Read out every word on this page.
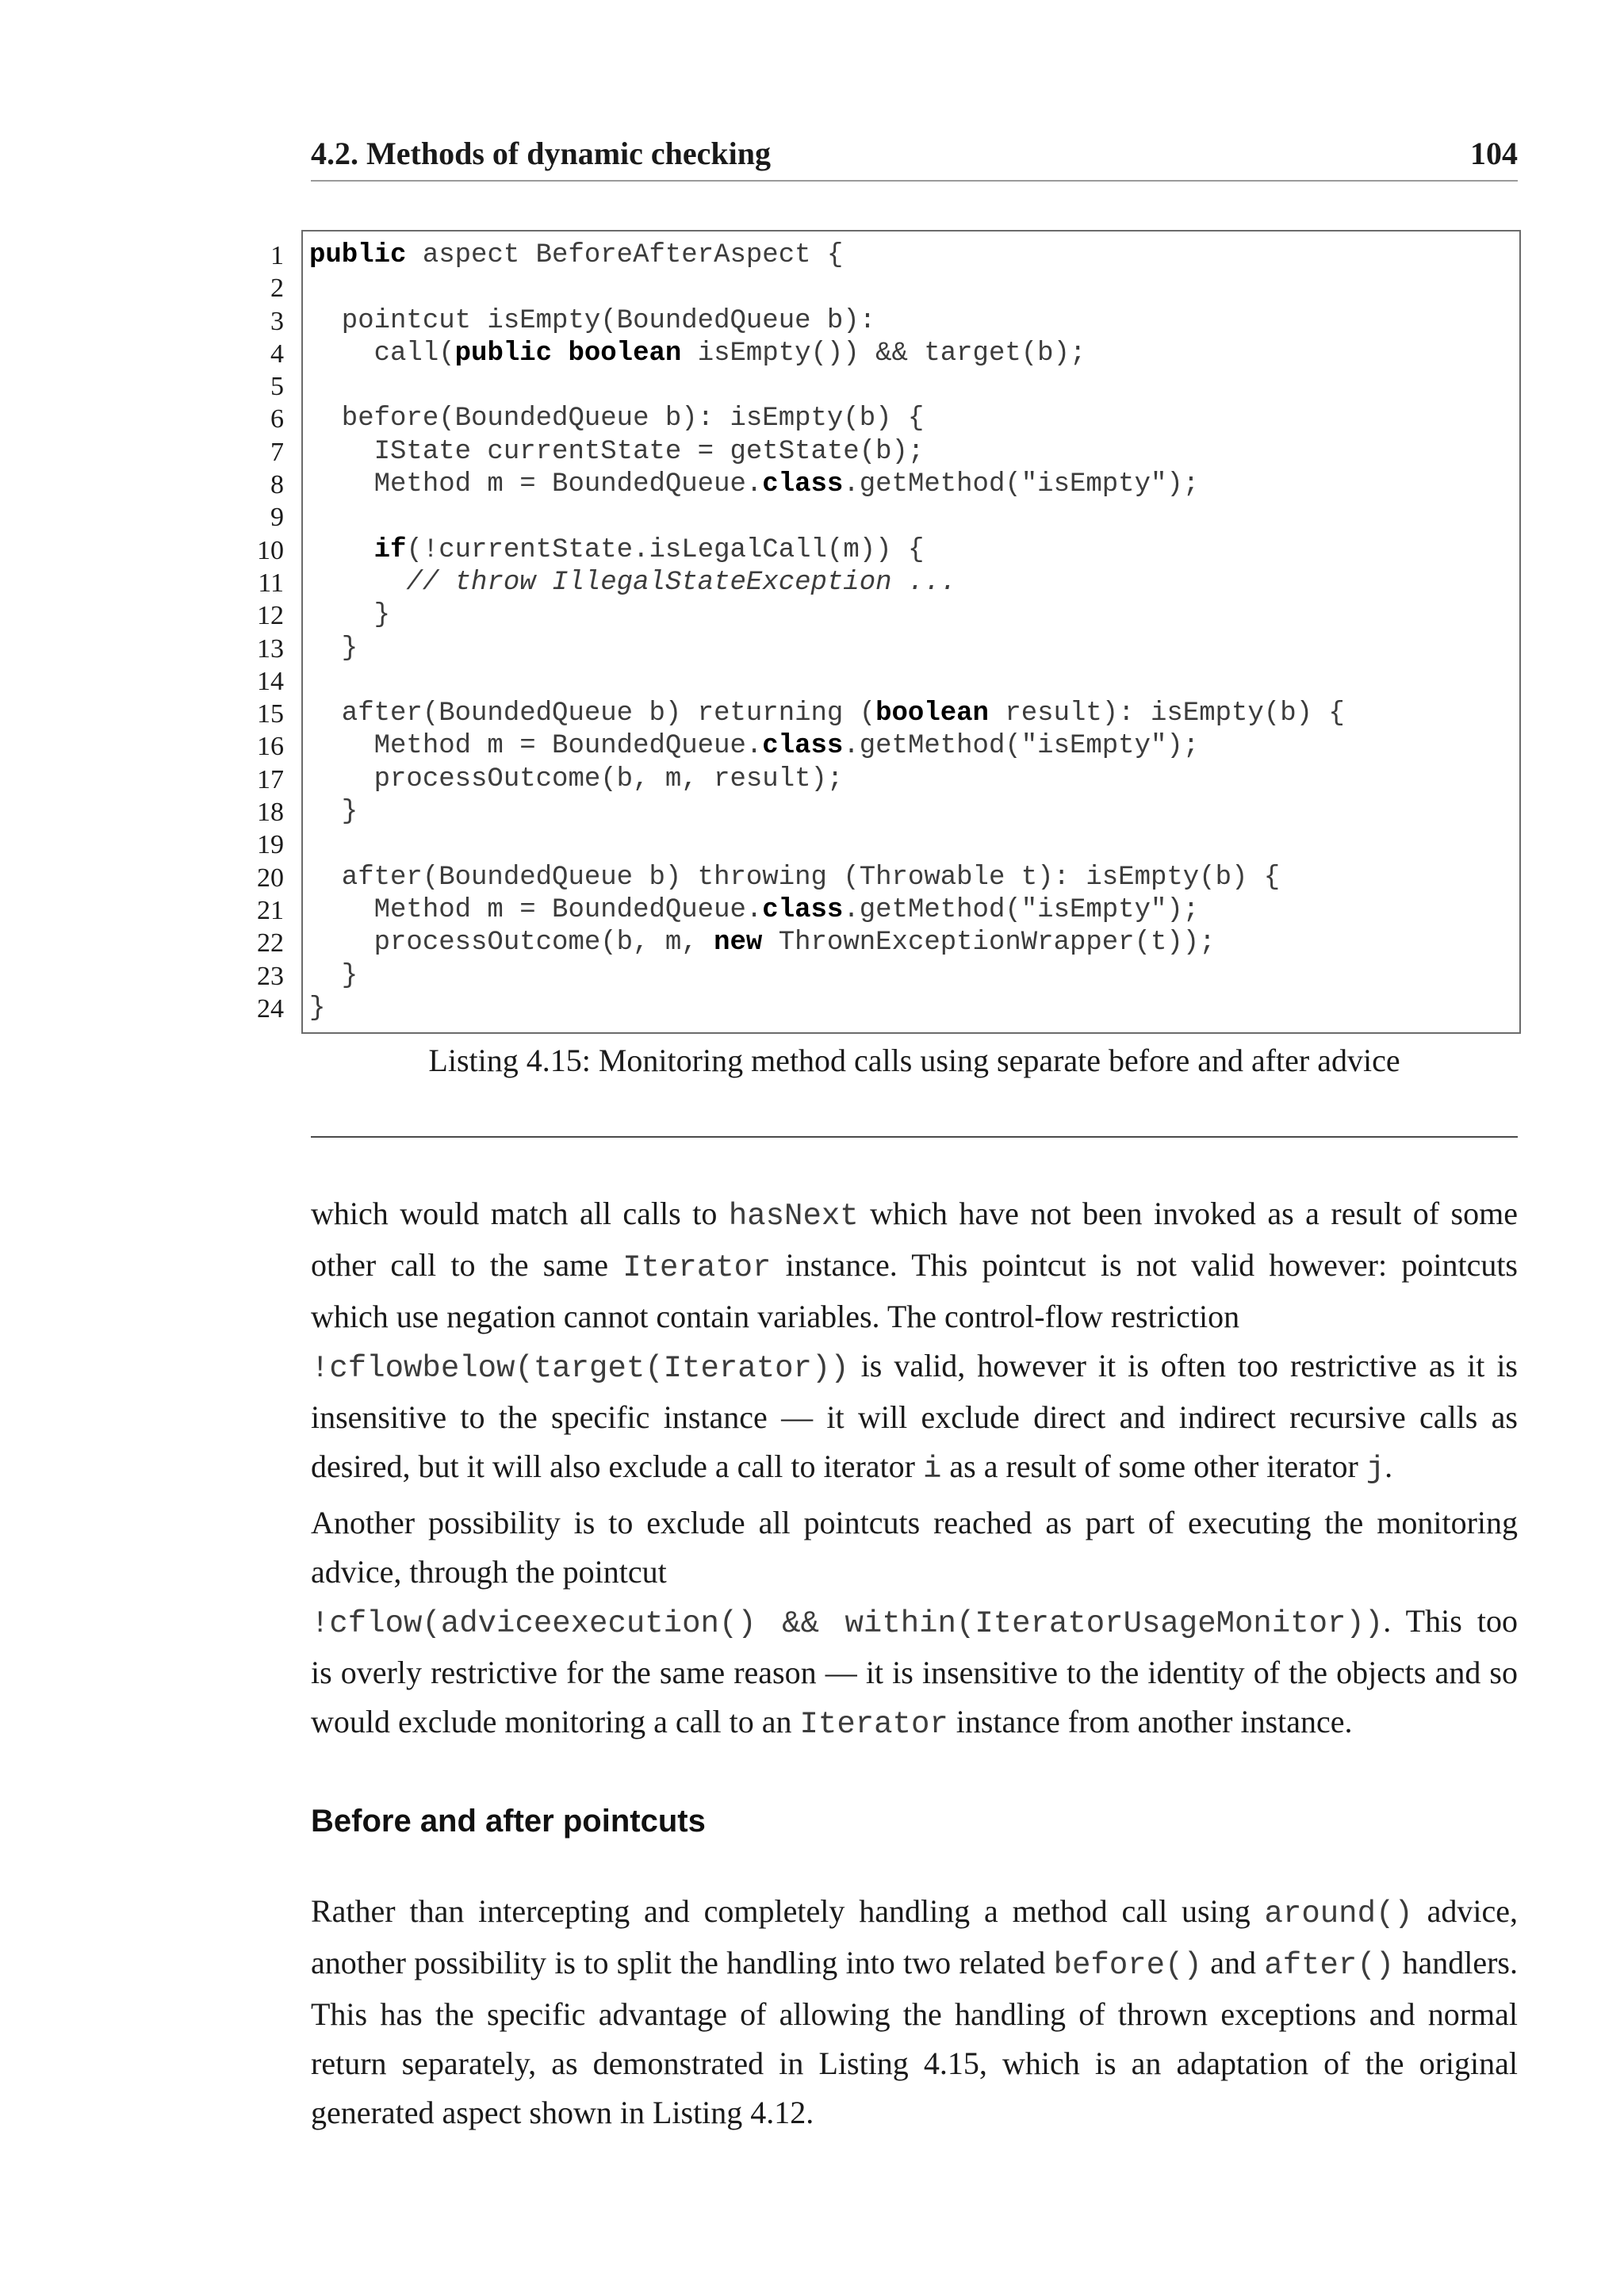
4.2. Methods of dynamic checking	104
1
2
3
4
5
6
7
8
9
10
11
12
13
14
15
16
17
18
19
20
21
22
23
24
public aspect BeforeAfterAspect {
pointcut isEmpty(BoundedQueue b):
call(public boolean isEmpty()) && target(b);
before(BoundedQueue b): isEmpty(b) {
IState currentState = getState(b);
Method m = BoundedQueue.class.getMethod("isEmpty");
if(!currentState.isLegalCall(m)) {
// throw IllegalStateException ...
}
}
after(BoundedQueue b) returning (boolean result): isEmpty(b) {
Method m = BoundedQueue.class.getMethod("isEmpty");
processOutcome(b, m, result);
}
after(BoundedQueue b) throwing (Throwable t): isEmpty(b) {
Method m = BoundedQueue.class.getMethod("isEmpty");
processOutcome(b, m, new ThrownExceptionWrapper(t));
}
}
Listing 4.15: Monitoring method calls using separate before and after advice
which would match all calls to hasNext which have not been invoked as a result of some other call to the same Iterator instance. This pointcut is not valid however: pointcuts which use negation cannot contain variables. The control-flow restriction
!cflowbelow(target(Iterator)) is valid, however it is often too restrictive as it is insensitive to the specific instance — it will exclude direct and indirect recursive calls as desired, but it will also exclude a call to iterator i as a result of some other iterator j.
Another possibility is to exclude all pointcuts reached as part of executing the monitoring advice, through the pointcut
!cflow(adviceexecution() && within(IteratorUsageMonitor)). This too is overly restrictive for the same reason — it is insensitive to the identity of the objects and so would exclude monitoring a call to an Iterator instance from another instance.
Before and after pointcuts
Rather than intercepting and completely handling a method call using around() advice, another possibility is to split the handling into two related before() and after() handlers. This has the specific advantage of allowing the handling of thrown exceptions and normal return separately, as demonstrated in Listing 4.15, which is an adaptation of the original generated aspect shown in Listing 4.12.
